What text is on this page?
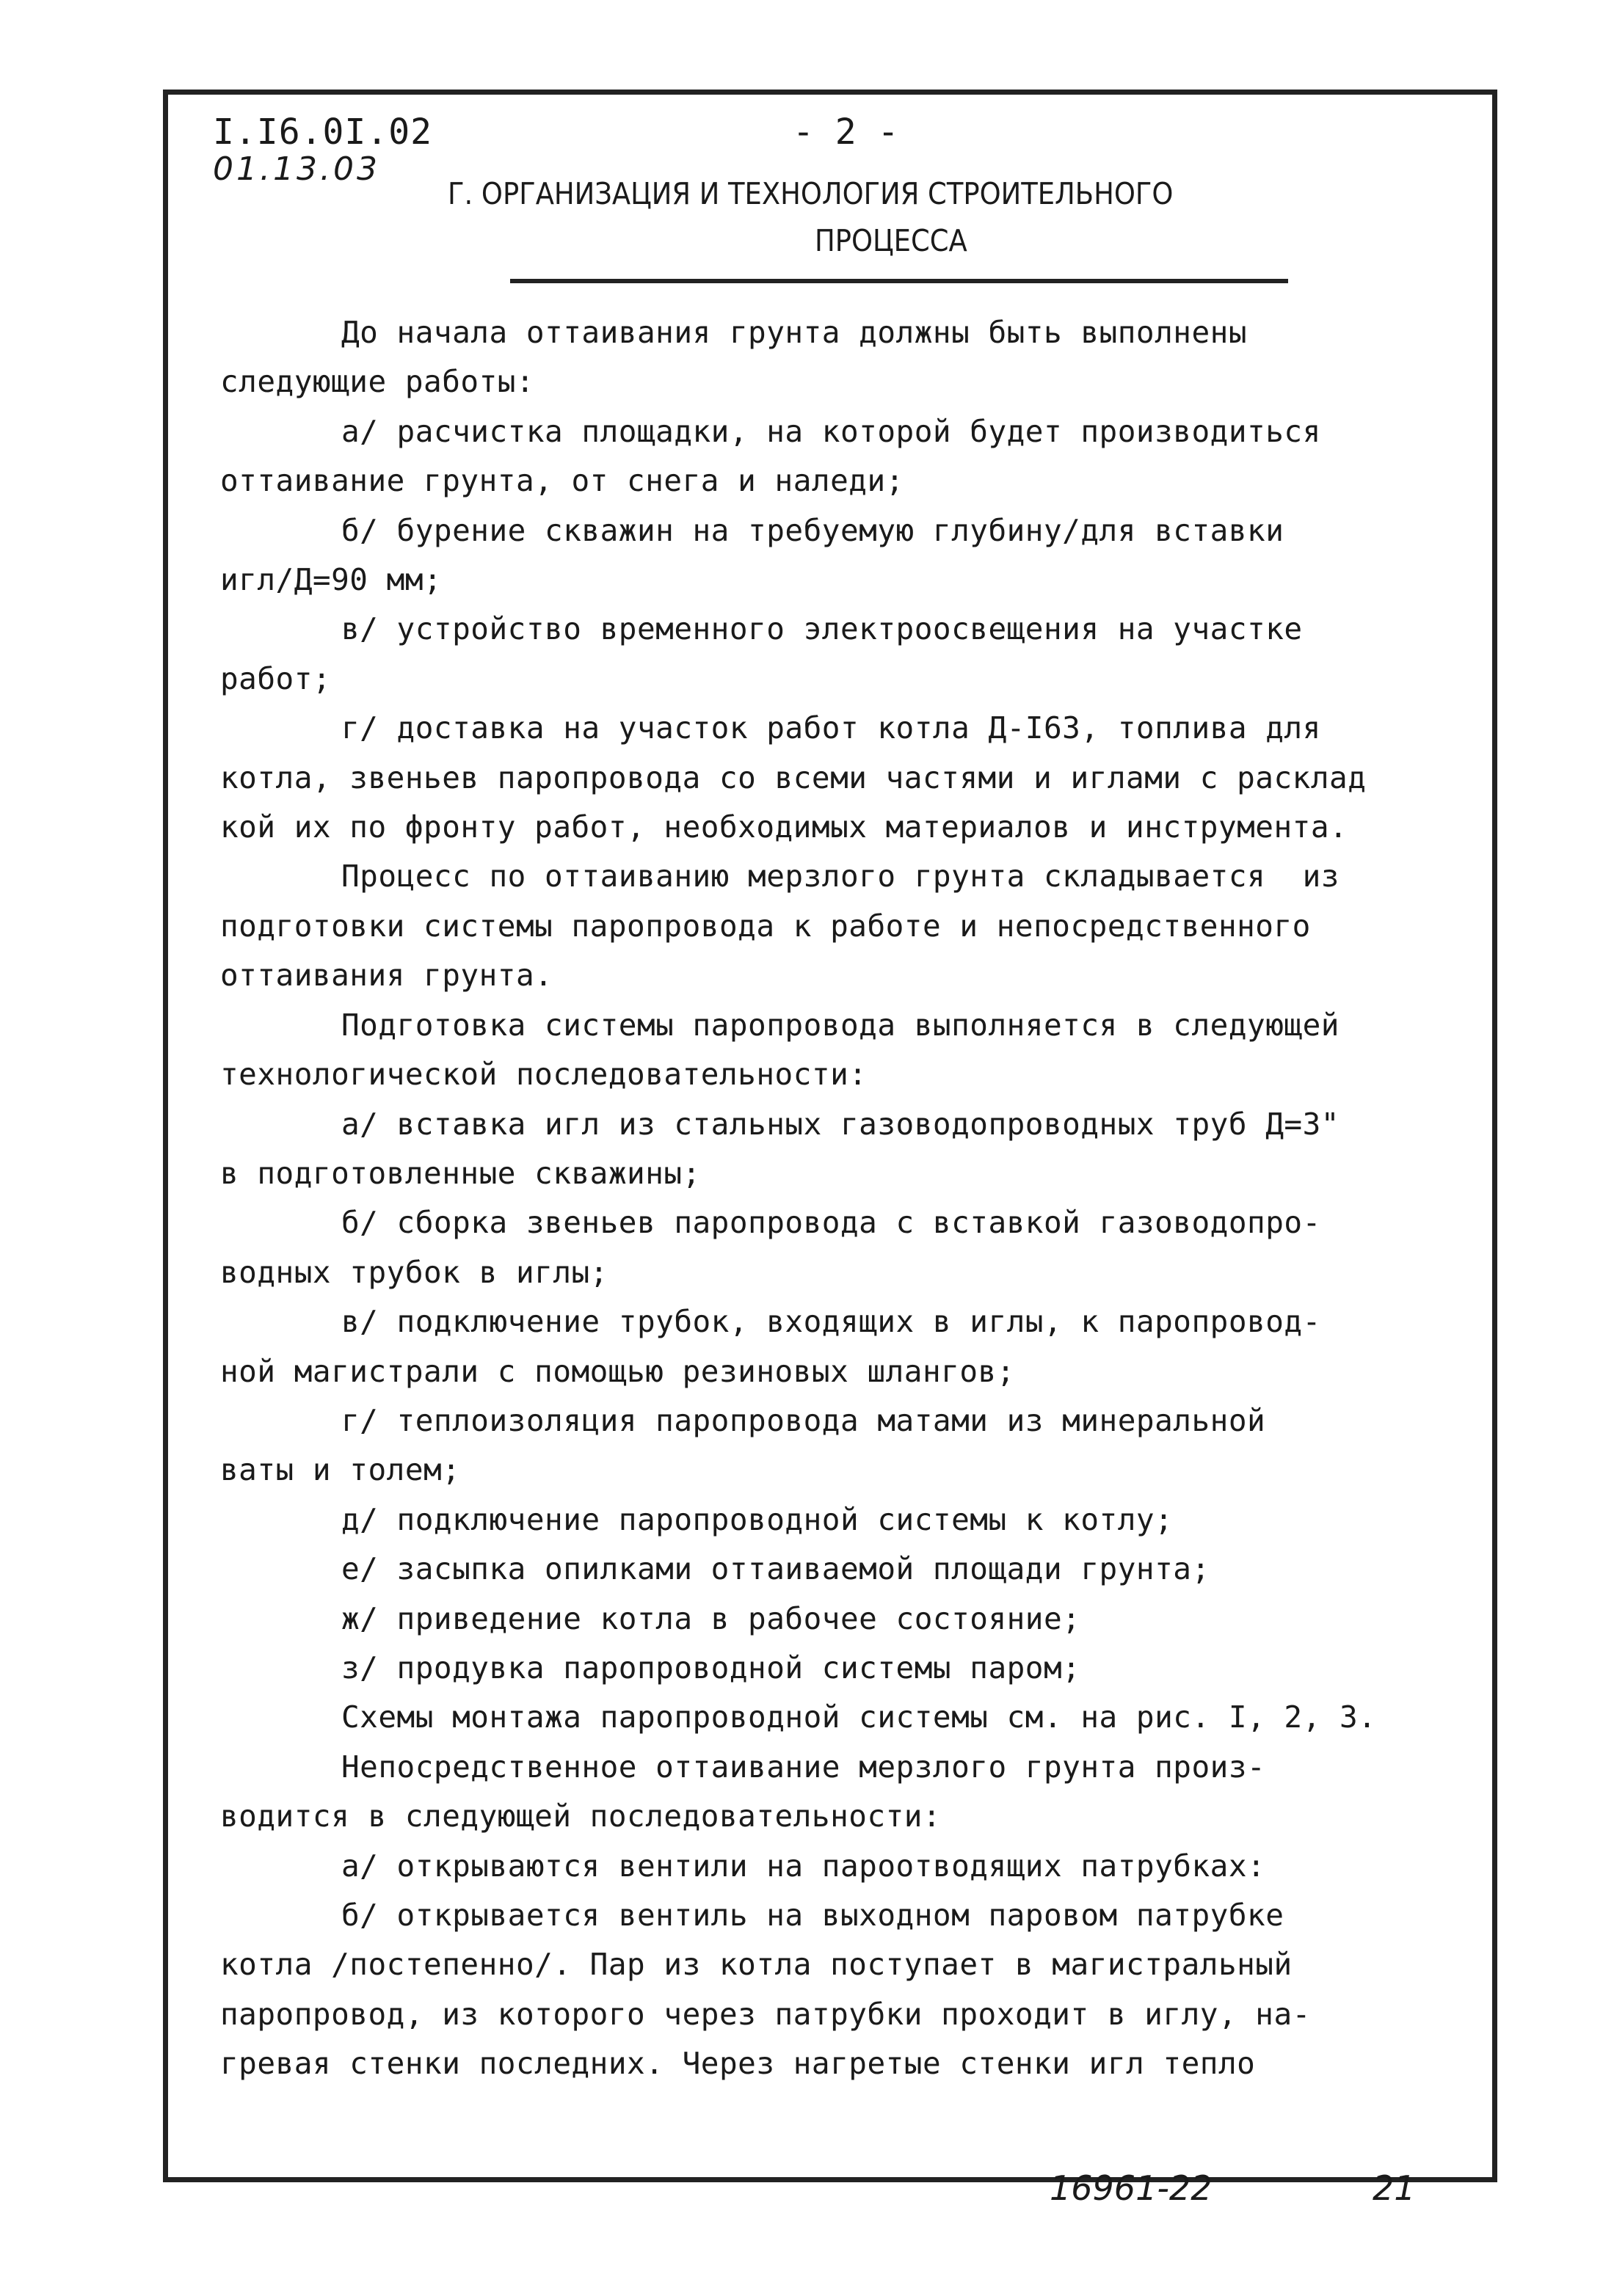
I.I6.0I.02
01.13.03
- 2 -
Г. ОРГАНИЗАЦИЯ И ТЕХНОЛОГИЯ СТРОИТЕЛЬНОГО
ПРОЦЕССА
До начала оттаивания грунта должны быть выполнены
следующие работы:
а/ расчистка площадки, на которой будет производиться
оттаивание грунта, от снега и наледи;
б/ бурение скважин на требуемую глубину/для вставки
игл/Д=90 мм;
в/ устройство временного электроосвещения на участке
работ;
г/ доставка на участок работ котла Д-I63, топлива для
котла, звеньев паропровода со всеми частями и иглами с расклад
кой их по фронту работ, необходимых материалов и инструмента.
Процесс по оттаиванию мерзлого грунта складывается  из
подготовки системы паропровода к работе и непосредственного
оттаивания грунта.
Подготовка системы паропровода выполняется в следующей
технологической последовательности:
а/ вставка игл из стальных газоводопроводных труб Д=3"
в подготовленные скважины;
б/ сборка звеньев паропровода с вставкой газоводопро-
водных трубок в иглы;
в/ подключение трубок, входящих в иглы, к паропровод-
ной магистрали с помощью резиновых шлангов;
г/ теплоизоляция паропровода матами из минеральной
ваты и толем;
д/ подключение паропроводной системы к котлу;
е/ засыпка опилками оттаиваемой площади грунта;
ж/ приведение котла в рабочее состояние;
з/ продувка паропроводной системы паром;
Схемы монтажа паропроводной системы см. на рис. I, 2, 3.
Непосредственное оттаивание мерзлого грунта произ-
водится в следующей последовательности:
а/ открываются вентили на пароотводящих патрубках:
б/ открывается вентиль на выходном паровом патрубке
котла /постепенно/. Пар из котла поступает в магистральный
паропровод, из которого через патрубки проходит в иглу, на-
гревая стенки последних. Через нагретые стенки игл тепло
16961-22	21
